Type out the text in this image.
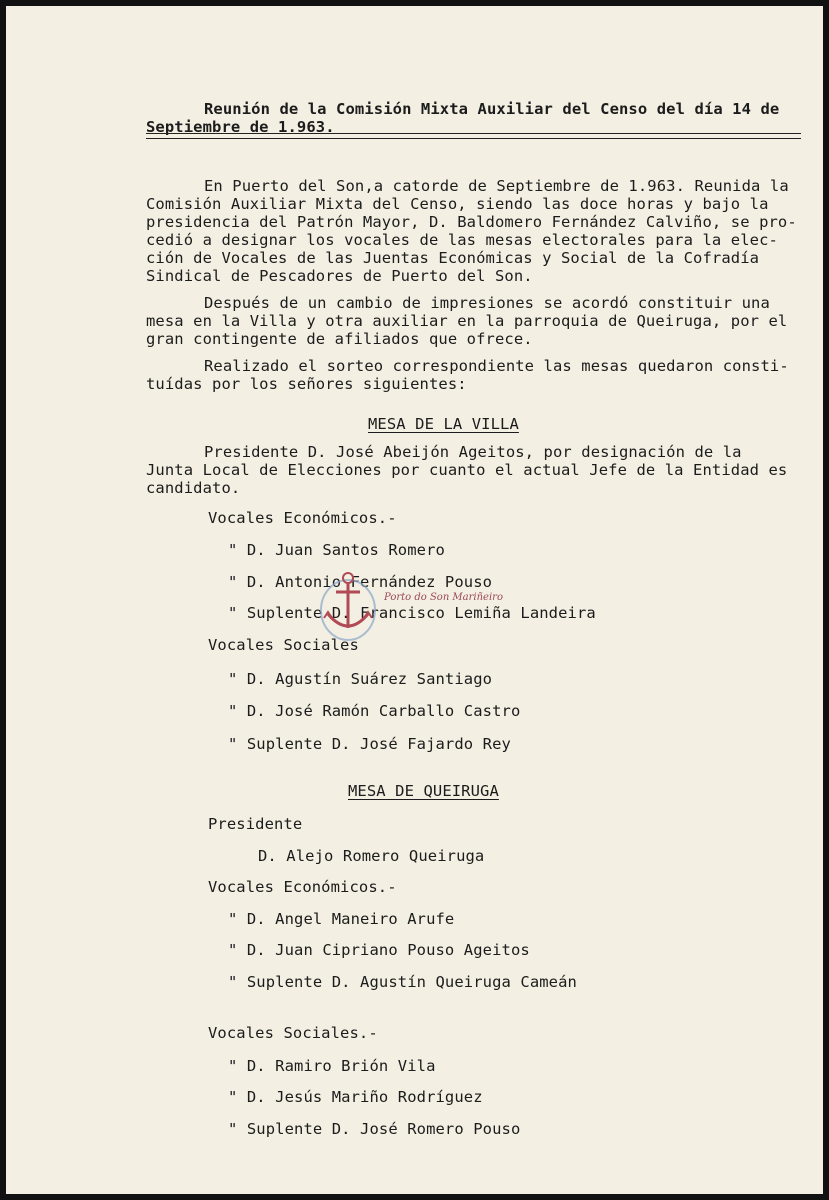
Reunión de la Comisión Mixta Auxiliar del Censo del día 14 de
Septiembre de 1.963.
En Puerto del Son,a catorde de Septiembre de 1.963. Reunida la
Comisión Auxiliar Mixta del Censo, siendo las doce horas y bajo la
presidencia del Patrón Mayor, D. Baldomero Fernández Calviño, se pro-
cedió a designar los vocales de las mesas electorales para la elec-
ción de Vocales de las Juentas Económicas y Social de la Cofradía
Sindical de Pescadores de Puerto del Son.
Después de un cambio de impresiones se acordó constituir una
mesa en la Villa y otra auxiliar en la parroquia de Queiruga, por el
gran contingente de afiliados que ofrece.
Realizado el sorteo correspondiente las mesas quedaron consti-
tuídas por los señores siguientes:
MESA DE LA VILLA
Presidente D. José Abeijón Ageitos, por designación de la
Junta Local de Elecciones por cuanto el actual Jefe de la Entidad es
candidato.
Vocales Económicos.-
" D. Juan Santos Romero
" D. Antonio Fernández Pouso
" Suplente D. Francisco Lemiña Landeira
Vocales Sociales
" D. Agustín Suárez Santiago
" D. José Ramón Carballo Castro
" Suplente D. José Fajardo Rey
MESA DE QUEIRUGA
Presidente
D. Alejo Romero Queiruga
Vocales Económicos.-
" D. Angel Maneiro Arufe
" D. Juan Cipriano Pouso Ageitos
" Suplente D. Agustín Queiruga Cameán
Vocales Sociales.-
" D. Ramiro Brión Vila
" D. Jesús Mariño Rodríguez
" Suplente D. José Romero Pouso
Porto do Son Mariñeiro
